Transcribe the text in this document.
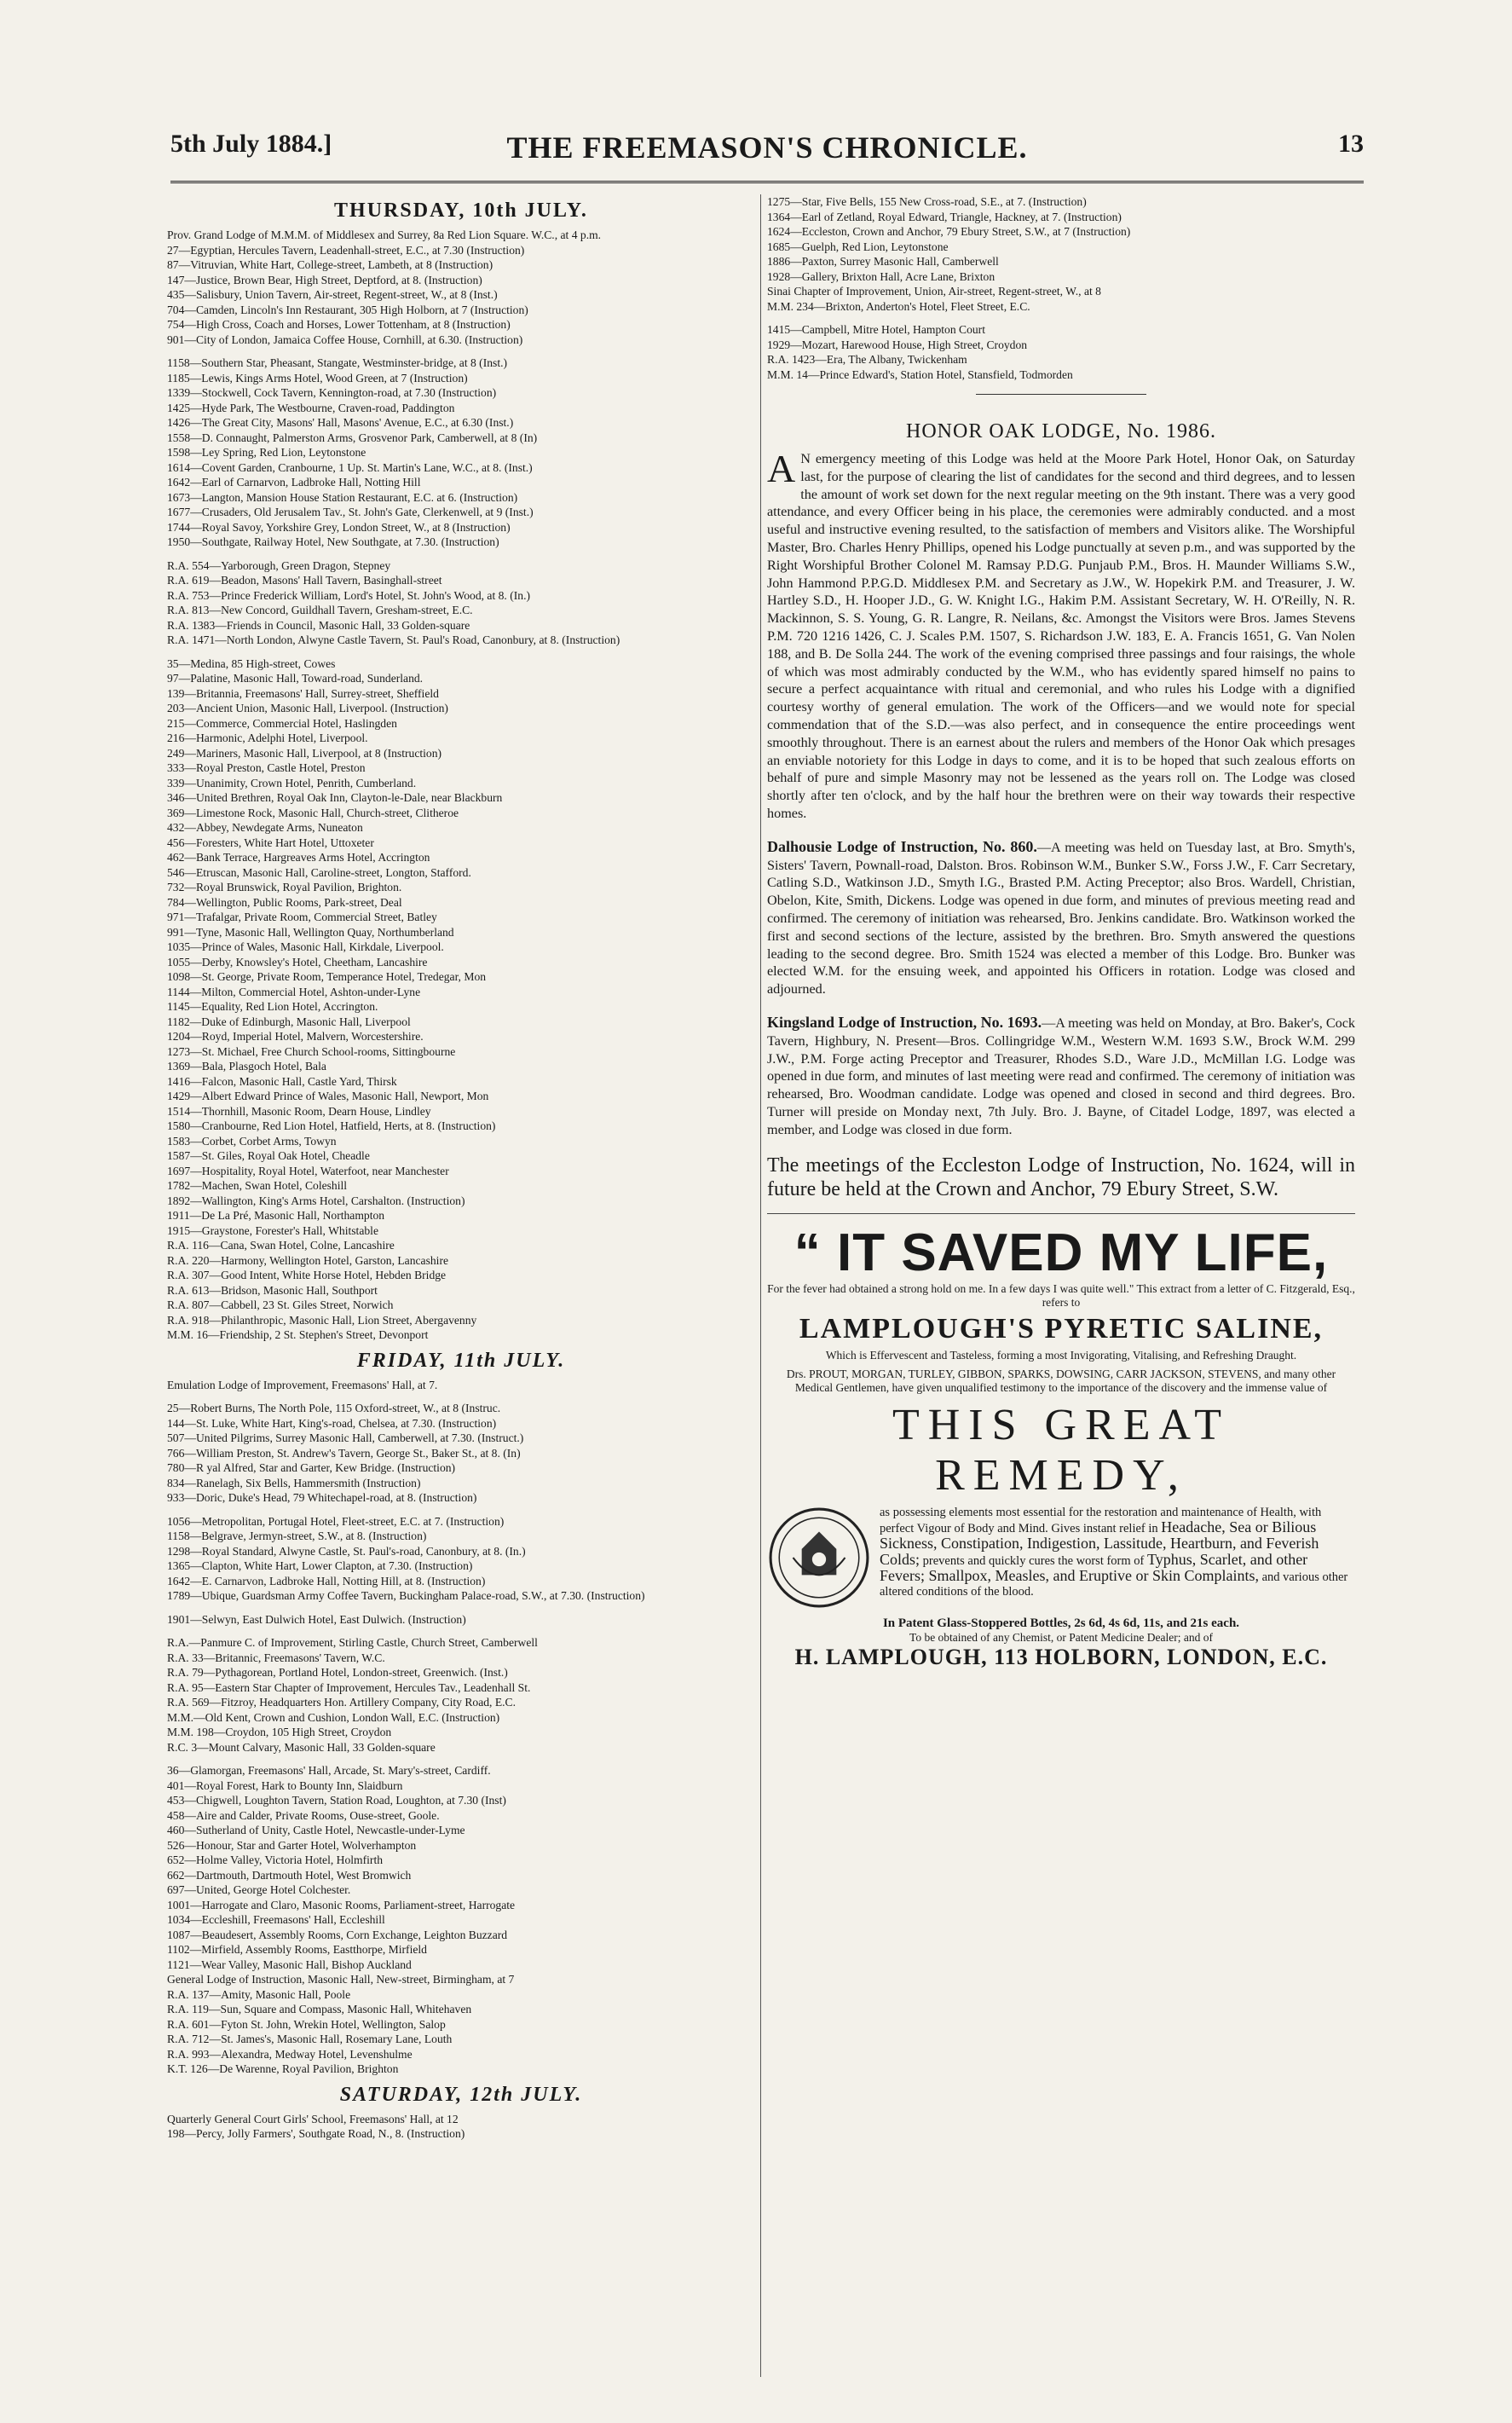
5th July 1884.]	THE FREEMASON'S CHRONICLE.	13
THURSDAY, 10th JULY.
Prov. Grand Lodge of M.M.M. of Middlesex and Surrey, 8a Red Lion Square. W.C., at 4 p.m.
27—Egyptian, Hercules Tavern, Leadenhall-street, E.C., at 7.30 (Instruction)
87—Vitruvian, White Hart, College-street, Lambeth, at 8 (Instruction)
147—Justice, Brown Bear, High Street, Deptford, at 8. (Instruction)
435—Salisbury, Union Tavern, Air-street, Regent-street, W., at 8 (Inst.)
704—Camden, Lincoln's Inn Restaurant, 305 High Holborn, at 7 (Instruction)
754—High Cross, Coach and Horses, Lower Tottenham, at 8 (Instruction)
901—City of London, Jamaica Coffee House, Cornhill, at 6.30. (Instruction)
1158—Southern Star, Pheasant, Stangate, Westminster-bridge, at 8 (Inst.)
1185—Lewis, Kings Arms Hotel, Wood Green, at 7 (Instruction)
1339—Stockwell, Cock Tavern, Kennington-road, at 7.30 (Instruction)
1425—Hyde Park, The Westbourne, Craven-road, Paddington
1426—The Great City, Masons' Hall, Masons' Avenue, E.C., at 6.30 (Inst.)
1558—D. Connaught, Palmerston Arms, Grosvenor Park, Camberwell, at 8 (In)
1598—Ley Spring, Red Lion, Leytonstone
1614—Covent Garden, Cranbourne, 1 Up. St. Martin's Lane, W.C., at 8. (Inst.)
1642—Earl of Carnarvon, Ladbroke Hall, Notting Hill
1673—Langton, Mansion House Station Restaurant, E.C. at 6. (Instruction)
1677—Crusaders, Old Jerusalem Tav., St. John's Gate, Clerkenwell, at 9 (Inst.)
1744—Royal Savoy, Yorkshire Grey, London Street, W., at 8 (Instruction)
1950—Southgate, Railway Hotel, New Southgate, at 7.30. (Instruction)
R.A. 554—Yarborough, Green Dragon, Stepney
R.A. 619—Beadon, Masons' Hall Tavern, Basinghall-street
R.A. 753—Prince Frederick William, Lord's Hotel, St. John's Wood, at 8. (In.)
R.A. 813—New Concord, Guildhall Tavern, Gresham-street, E.C.
R.A. 1383—Friends in Council, Masonic Hall, 33 Golden-square
R.A. 1471—North London, Alwyne Castle Tavern, St. Paul's Road, Canonbury, at 8. (Instruction)
35—Medina, 85 High-street, Cowes
97—Palatine, Masonic Hall, Toward-road, Sunderland.
139—Britannia, Freemasons' Hall, Surrey-street, Sheffield
203—Ancient Union, Masonic Hall, Liverpool. (Instruction)
215—Commerce, Commercial Hotel, Haslingden
216—Harmonic, Adelphi Hotel, Liverpool.
249—Mariners, Masonic Hall, Liverpool, at 8 (Instruction)
333—Royal Preston, Castle Hotel, Preston
339—Unanimity, Crown Hotel, Penrith, Cumberland.
346—United Brethren, Royal Oak Inn, Clayton-le-Dale, near Blackburn
369—Limestone Rock, Masonic Hall, Church-street, Clitheroe
432—Abbey, Newdegate Arms, Nuneaton
456—Foresters, White Hart Hotel, Uttoxeter
462—Bank Terrace, Hargreaves Arms Hotel, Accrington
546—Etruscan, Masonic Hall, Caroline-street, Longton, Stafford.
732—Royal Brunswick, Royal Pavilion, Brighton.
784—Wellington, Public Rooms, Park-street, Deal
971—Trafalgar, Private Room, Commercial Street, Batley
991—Tyne, Masonic Hall, Wellington Quay, Northumberland
1035—Prince of Wales, Masonic Hall, Kirkdale, Liverpool.
1055—Derby, Knowsley's Hotel, Cheetham, Lancashire
1098—St. George, Private Room, Temperance Hotel, Tredegar, Mon
1144—Milton, Commercial Hotel, Ashton-under-Lyne
1145—Equality, Red Lion Hotel, Accrington.
1182—Duke of Edinburgh, Masonic Hall, Liverpool
1204—Royd, Imperial Hotel, Malvern, Worcestershire.
1273—St. Michael, Free Church School-rooms, Sittingbourne
1369—Bala, Plasgoch Hotel, Bala
1416—Falcon, Masonic Hall, Castle Yard, Thirsk
1429—Albert Edward Prince of Wales, Masonic Hall, Newport, Mon
1514—Thornhill, Masonic Room, Dearn House, Lindley
1580—Cranbourne, Red Lion Hotel, Hatfield, Herts, at 8. (Instruction)
1583—Corbet, Corbet Arms, Towyn
1587—St. Giles, Royal Oak Hotel, Cheadle
1697—Hospitality, Royal Hotel, Waterfoot, near Manchester
1782—Machen, Swan Hotel, Coleshill
1892—Wallington, King's Arms Hotel, Carshalton. (Instruction)
1911—De La Pré, Masonic Hall, Northampton
1915—Graystone, Forester's Hall, Whitstable
R.A. 116—Cana, Swan Hotel, Colne, Lancashire
R.A. 220—Harmony, Wellington Hotel, Garston, Lancashire
R.A. 307—Good Intent, White Horse Hotel, Hebden Bridge
R.A. 613—Bridson, Masonic Hall, Southport
R.A. 807—Cabbell, 23 St. Giles Street, Norwich
R.A. 918—Philanthropic, Masonic Hall, Lion Street, Abergavenny
M.M. 16—Friendship, 2 St. Stephen's Street, Devonport
FRIDAY, 11th JULY.
Emulation Lodge of Improvement, Freemasons' Hall, at 7.
25—Robert Burns, The North Pole, 115 Oxford-street, W., at 8 (Instruc.
144—St. Luke, White Hart, King's-road, Chelsea, at 7.30. (Instruction)
507—United Pilgrims, Surrey Masonic Hall, Camberwell, at 7.30. (Instruct.)
766—William Preston, St. Andrew's Tavern, George St., Baker St., at 8. (In)
780—R yal Alfred, Star and Garter, Kew Bridge. (Instruction)
834—Ranelagh, Six Bells, Hammersmith (Instruction)
933—Doric, Duke's Head, 79 Whitechapel-road, at 8. (Instruction)
1056—Metropolitan, Portugal Hotel, Fleet-street, E.C. at 7. (Instruction)
1158—Belgrave, Jermyn-street, S.W., at 8. (Instruction)
1298—Royal Standard, Alwyne Castle, St. Paul's-road, Canonbury, at 8. (In.)
1365—Clapton, White Hart, Lower Clapton, at 7.30. (Instruction)
1642—E. Carnarvon, Ladbroke Hall, Notting Hill, at 8. (Instruction)
1789—Ubique, Guardsman Army Coffee Tavern, Buckingham Palace-road, S.W., at 7.30. (Instruction)
1901—Selwyn, East Dulwich Hotel, East Dulwich. (Instruction)
R.A.—Panmure C. of Improvement, Stirling Castle, Church Street, Camberwell
R.A. 33—Britannic, Freemasons' Tavern, W.C.
R.A. 79—Pythagorean, Portland Hotel, London-street, Greenwich. (Inst.)
R.A. 95—Eastern Star Chapter of Improvement, Hercules Tav., Leadenhall St.
R.A. 569—Fitzroy, Headquarters Hon. Artillery Company, City Road, E.C.
M.M.—Old Kent, Crown and Cushion, London Wall, E.C. (Instruction)
M.M. 198—Croydon, 105 High Street, Croydon
R.C. 3—Mount Calvary, Masonic Hall, 33 Golden-square
36—Glamorgan, Freemasons' Hall, Arcade, St. Mary's-street, Cardiff.
401—Royal Forest, Hark to Bounty Inn, Slaidburn
453—Chigwell, Loughton Tavern, Station Road, Loughton, at 7.30 (Inst)
458—Aire and Calder, Private Rooms, Ouse-street, Goole.
460—Sutherland of Unity, Castle Hotel, Newcastle-under-Lyme
526—Honour, Star and Garter Hotel, Wolverhampton
652—Holme Valley, Victoria Hotel, Holmfirth
662—Dartmouth, Dartmouth Hotel, West Bromwich
697—United, George Hotel Colchester.
1001—Harrogate and Claro, Masonic Rooms, Parliament-street, Harrogate
1034—Eccleshill, Freemasons' Hall, Eccleshill
1087—Beaudesert, Assembly Rooms, Corn Exchange, Leighton Buzzard
1102—Mirfield, Assembly Rooms, Eastthorpe, Mirfield
1121—Wear Valley, Masonic Hall, Bishop Auckland
General Lodge of Instruction, Masonic Hall, New-street, Birmingham, at 7
R.A. 137—Amity, Masonic Hall, Poole
R.A. 119—Sun, Square and Compass, Masonic Hall, Whitehaven
R.A. 601—Fyton St. John, Wrekin Hotel, Wellington, Salop
R.A. 712—St. James's, Masonic Hall, Rosemary Lane, Louth
R.A. 993—Alexandra, Medway Hotel, Levenshulme
K.T. 126—De Warenne, Royal Pavilion, Brighton
SATURDAY, 12th JULY.
Quarterly General Court Girls' School, Freemasons' Hall, at 12
198—Percy, Jolly Farmers', Southgate Road, N., 8. (Instruction)
1275—Star, Five Bells, 155 New Cross-road, S.E., at 7. (Instruction)
1364—Earl of Zetland, Royal Edward, Triangle, Hackney, at 7. (Instruction)
1624—Eccleston, Crown and Anchor, 79 Ebury Street, S.W., at 7 (Instruction)
1685—Guelph, Red Lion, Leytonstone
1886—Paxton, Surrey Masonic Hall, Camberwell
1928—Gallery, Brixton Hall, Acre Lane, Brixton
Sinai Chapter of Improvement, Union, Air-street, Regent-street, W., at 8
M.M. 234—Brixton, Anderton's Hotel, Fleet Street, E.C.
1415—Campbell, Mitre Hotel, Hampton Court
1929—Mozart, Harewood House, High Street, Croydon
R.A. 1423—Era, The Albany, Twickenham
M.M. 14—Prince Edward's, Station Hotel, Stansfield, Todmorden
HONOR OAK LODGE, No. 1986.

A N emergency meeting of this Lodge was held at the Moore Park Hotel, Honor Oak, on Saturday last, for the purpose of clearing the list of candidates for the second and third degrees, and to lessen the amount of work set down for the next regular meeting on the 9th instant. There was a very good attendance, and every Officer being in his place, the ceremonies were admirably conducted. and a most useful and instructive evening resulted, to the satisfaction of members and Visitors alike. The Worshipful Master, Bro. Charles Henry Phillips, opened his Lodge punctually at seven p.m., and was supported by the Right Worshipful Brother Colonel M. Ramsay P.D.G. Punjaub P.M., Bros. H. Maunder Williams S.W., John Hammond P.P.G.D. Middlesex P.M. and Secretary as J.W., W. Hopekirk P.M. and Treasurer, J. W. Hartley S.D., H. Hooper J.D., G. W. Knight I.G., Hakim P.M. Assistant Secretary, W. H. O'Reilly, N. R. Mackinnon, S. S. Young, G. R. Langre, R. Neilans, &c. Amongst the Visitors were Bros. James Stevens P.M. 720 1216 1426, C. J. Scales P.M. 1507, S. Richardson J.W. 183, E. A. Francis 1651, G. Van Nolen 188, and B. De Solla 244. The work of the evening comprised three passings and four raisings, the whole of which was most admirably conducted by the W.M., who has evidently spared himself no pains to secure a perfect acquaintance with ritual and ceremonial, and who rules his Lodge with a dignified courtesy worthy of general emulation. The work of the Officers—and we would note for special commendation that of the S.D.—was also perfect, and in consequence the entire proceedings went smoothly throughout. There is an earnest about the rulers and members of the Honor Oak which presages an enviable notoriety for this Lodge in days to come, and it is to be hoped that such zealous efforts on behalf of pure and simple Masonry may not be lessened as the years roll on. The Lodge was closed shortly after ten o'clock, and by the half hour the brethren were on their way towards their respective homes.

Dalhousie Lodge of Instruction, No. 860.—A meeting was held on Tuesday last, at Bro. Smyth's, Sisters' Tavern, Pownall-road, Dalston. Bros. Robinson W.M., Bunker S.W., Forss J.W., F. Carr Secretary, Catling S.D., Watkinson J.D., Smyth I.G., Brasted P.M. Acting Preceptor; also Bros. Wardell, Christian, Obelon, Kite, Smith, Dickens. Lodge was opened in due form, and minutes of previous meeting read and confirmed. The ceremony of initiation was rehearsed, Bro. Jenkins candidate. Bro. Watkinson worked the first and second sections of the lecture, assisted by the brethren. Bro. Smyth answered the questions leading to the second degree. Bro. Smith 1524 was elected a member of this Lodge. Bro. Bunker was elected W.M. for the ensuing week, and appointed his Officers in rotation. Lodge was closed and adjourned.

Kingsland Lodge of Instruction, No. 1693.—A meeting was held on Monday, at Bro. Baker's, Cock Tavern, Highbury, N. Present—Bros. Collingridge W.M., Western W.M. 1693 S.W., Brock W.M. 299 J.W., P.M. Forge acting Preceptor and Treasurer, Rhodes S.D., Ware J.D., McMillan I.G. Lodge was opened in due form, and minutes of last meeting were read and confirmed. The ceremony of initiation was rehearsed, Bro. Woodman candidate. Lodge was opened and closed in second and third degrees. Bro. Turner will preside on Monday next, 7th July. Bro. J. Bayne, of Citadel Lodge, 1897, was elected a member, and Lodge was closed in due form.

The meetings of the Eccleston Lodge of Instruction, No. 1624, will in future be held at the Crown and Anchor, 79 Ebury Street, S.W.
“ IT SAVED MY LIFE,
For the fever had obtained a strong hold on me. In a few days I was quite well." This extract from a letter of C. Fitzgerald, Esq., refers to
LAMPLOUGH'S PYRETIC SALINE,
Which is Effervescent and Tasteless, forming a most Invigorating, Vitalising, and Refreshing Draught.
Drs. PROUT, MORGAN, TURLEY, GIBBON, SPARKS, DOWSING, CARR JACKSON, STEVENS, and many other Medical Gentlemen, have given unqualified testimony to the importance of the discovery and the immense value of
THIS GREAT REMEDY,
as possessing elements most essential for the restoration and maintenance of Health, with perfect Vigour of Body and Mind. Gives instant relief in Headache, Sea or Bilious Sickness, Constipation, Indigestion, Lassitude, Heartburn, and Feverish Colds; prevents and quickly cures the worst form of Typhus, Scarlet, and other Fevers; Smallpox, Measles, and Eruptive or Skin Complaints, and various other altered conditions of the blood.
In Patent Glass-Stoppered Bottles, 2s 6d, 4s 6d, 11s, and 21s each.
To be obtained of any Chemist, or Patent Medicine Dealer; and of
H. LAMPLOUGH, 113 HOLBORN, LONDON, E.C.
